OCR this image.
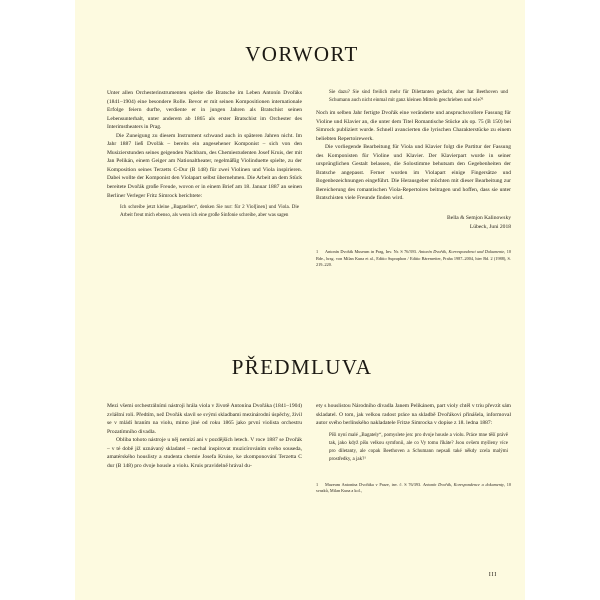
VORWORT

Unter allen Orchesterinstrumenten spielte die Bratsche im Leben Antonín Dvořáks (1841–1904) eine besondere Rolle. Bevor er mit seinen Kompositionen internationale Erfolge feiern durfte, verdiente er in jungen Jahren als Bratschist seinen Lebensunterhalt, unter anderem ab 1865 als erster Bratschist im Orchester des Interimstheaters in Prag.

Die Zuneigung zu diesem Instrument schwand auch in späteren Jahren nicht. Im Jahr 1887 ließ Dvořák – bereits ein angesehener Komponist – sich von den Musizierstunden seines geigenden Nachbarn, des Chemiestudenten Josef Kruis, der mit Jan Pelikán, einem Geiger am Nationaltheater, regelmäßig Violinduette spielte, zu der Komposition seines Terzetts C-Dur (B 148) für zwei Violinen und Viola inspirieren. Dabei wollte der Komponist den Violapart selbst übernehmen. Die Arbeit an dem Stück bereitete Dvořák große Freude, wovon er in einem Brief am 18. Januar 1887 an seinen Berliner Verleger Fritz Simrock berichtete:

Ich schreibe jetzt kleine „Bagatellen“, denken Sie nur: für 2 Viol[inen] und Viola. Die Arbeit freut mich ebenso, als wenn ich eine große Sinfonie schreibe, aber was sagen

Sie dazu? Sie sind freilich mehr für Dilettanten gedacht, aber hat Beethoven und Schumann auch nicht einmal mit ganz kleinen Mitteln geschrieben und wie?¹

Noch im selben Jahr fertigte Dvořák eine veränderte und anspruchsvollere Fassung für Violine und Klavier an, die unter dem Titel Romantische Stücke als op. 75 (B 150) bei Simrock publiziert wurde. Schnell avancierten die lyrischen Charakterstücke zu einem beliebten Repertoirewerk.

Die vorliegende Bearbeitung für Viola und Klavier folgt die Partitur der Fassung des Komponisten für Violine und Klavier. Der Klavierpart wurde in seiner ursprünglichen Gestalt belassen, die Solostimme behutsam den Gegebenheiten der Bratsche angepasst. Ferner wurden im Violapart einige Fingersätze und Bogenbezeichnungen eingeführt. Die Herausgeber möchten mit dieser Bearbeitung zur Bereicherung des romantischen Viola-Repertoires beitragen und hoffen, dass sie unter Bratschisten viele Freunde finden wird.

Bella & Semjon Kalinowsky
Lübeck, Juni 2018

1 Antonín Dvořák Museum in Prag, Inv. Nr. S 76/393. Antonín Dvořák, Korrespondenci und Dokumente, 10 Bde., hrsg. von Milan Kuna et al., Editio Supraphon / Editio Bärenreiter, Praha 1987–2004, hier Bd. 2 (1988), S. 219–220.

PŘEDMLUVA

Mezi všemi orchestrálními nástroji hrála viola v životě Antonína Dvořáka (1841–1904) zvláštní roli. Předtím, než Dvořák slavil se svými skladbami mezinárodní úspěchy, živil se v mládí hraním na violu, mimo jiné od roku 1865 jako první violista orchestru Prozatímního divadla.

Obliba tohoto nástroje u něj nemizí ani v pozdějších letech. V roce 1887 se Dvořák – v té době již uznávaný skladatel – nechal inspirovat muzicírováním svého souseda, amatérského houslisty a studenta chemie Josefa Kruise, ke zkomponování Terzetta C dur (B 148) pro dvoje housle a violu. Kruis pravidelně hrával du-

ety s houslistou Národního divadla Janem Pelikánem, part violy chtěl v triu převzít sám skladatel. O tom, jak velkou radost práce na skladbě Dvořákovi přinášela, informoval autor svého berlínského nakladatele Fritze Simrocka v dopise z 18. ledna 1887:

Píši nyní malé „Bagately“, pomyslete jen: pro dvoje housle a violu. Práce mne těší právě tak, jako když píšu velkou symfonii, ale co Vy tomu říkáte? Jsou ovšem myšleny více pro diletanty, ale copak Beethoven a Schumann nepsali také někdy zcela malými prostředky, a jak?¹

1 Muzeum Antonína Dvořáka v Praze, inv. č. S 76/393. Antonín Dvořák, Korespondence a dokumenty, 10 svazků, Milan Kuna a kol.,

III
